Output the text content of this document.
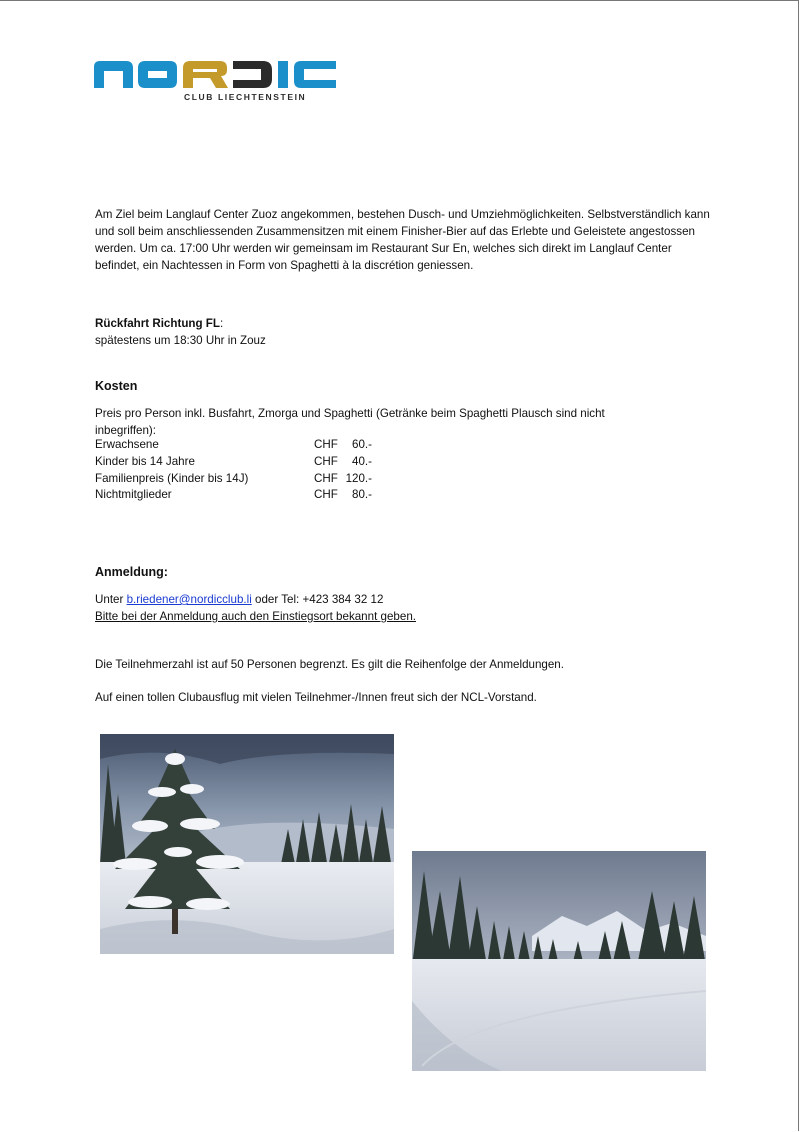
CLUB LIECHTENSTEIN

Am Ziel beim Langlauf Center Zuoz angekommen, bestehen Dusch- und Umziehmöglichkeiten. Selbstverständlich kann und soll beim anschliessenden Zusammensitzen mit einem Finisher-Bier auf das Erlebte und Geleistete angestossen werden. Um ca. 17:00 Uhr werden wir gemeinsam im Restaurant Sur En, welches sich direkt im Langlauf Center befindet, ein Nachtessen in Form von Spaghetti à la discrétion geniessen.

Rückfahrt Richtung FL:
spätestens um 18:30 Uhr in Zouz
Kosten

Preis pro Person inkl. Busfahrt, Zmorga und Spaghetti (Getränke beim Spaghetti Plausch sind nicht inbegriffen):

Erwachsene	CHF	60.-
Kinder bis 14 Jahre	CHF	40.-
Familienpreis (Kinder bis 14J)	CHF 120.-
Nichtmitglieder	CHF	80.-
Anmeldung:
Unter b.riedener@nordicclub.li oder Tel: +423 384 32 12
Bitte bei der Anmeldung auch den Einstiegsort bekannt geben.

Die Teilnehmerzahl ist auf 50 Personen begrenzt. Es gilt die Reihenfolge der Anmeldungen.

Auf einen tollen Clubausflug mit vielen Teilnehmer-/Innen freut sich der NCL-Vorstand.
